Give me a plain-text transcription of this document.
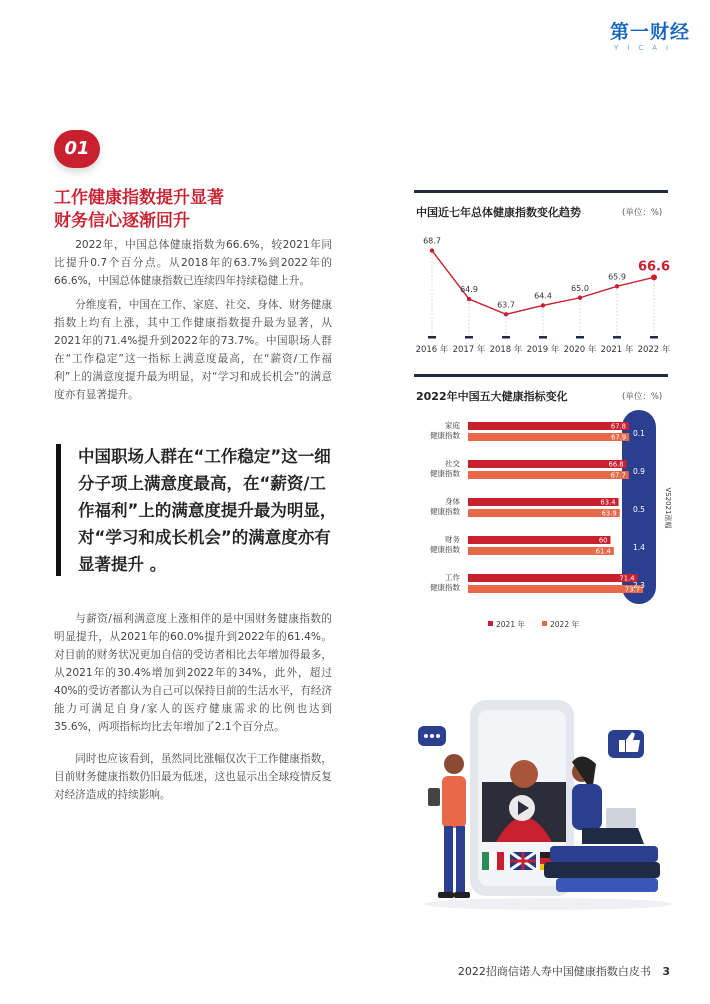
第一财经
YICAI
01
工作健康指数提升显著
财务信心逐渐回升

2022年，中国总体健康指数为66.6%，较2021年同比提升0.7个百分点。从2018年的63.7%到2022年的66.6%，中国总体健康指数已连续四年持续稳健上升。

分维度看，中国在工作、家庭、社交、身体、财务健康指数上均有上涨，其中工作健康指数提升最为显著，从2021年的71.4%提升到2022年的73.7%。中国职场人群在“工作稳定”这一指标上满意度最高，在“薪资/工作福利”上的满意度提升最为明显，对“学习和成长机会”的满意度亦有显著提升。

中国职场人群在“工作稳定”这一细分子项上满意度最高，在“薪资/工作福利”上的满意度提升最为明显，对“学习和成长机会”的满意度亦有显著提升 。

与薪资/福利满意度上涨相伴的是中国财务健康指数的明显提升，从2021年的60.0%提升到2022年的61.4%。对目前的财务状况更加自信的受访者相比去年增加得最多，从2021年的30.4%增加到2022年的34%，此外，超过40%的受访者都认为自己可以保持目前的生活水平，有经济能力可满足自身/家人的医疗健康需求的比例也达到35.6%，两项指标均比去年增加了2.1个百分点。

同时也应该看到，虽然同比涨幅仅次于工作健康指数，目前财务健康指数仍旧最为低迷，这也显示出全球疫情反复对经济造成的持续影响。

中国近七年总体健康指数变化趋势	(单位：%)
68.7
2016 年
64.9
2017 年
63.7
2018 年
64.4
2019 年
65.0
2020 年
65.9
2021 年
66.6
2022 年
2022年中国五大健康指标变化	(单位：%)
家庭
健康指数
67.8
67.9 0.1
社交
健康指数
66.8
67.7 0.9
身体
健康指数
63.4
63.9 0.5
财务
健康指数
60
61.4	1.4
工作
健康指数
71.4
73.7
2.3
VS2021涨幅
2021 年	2022 年
2022招商信诺人寿中国健康指数白皮书 3
